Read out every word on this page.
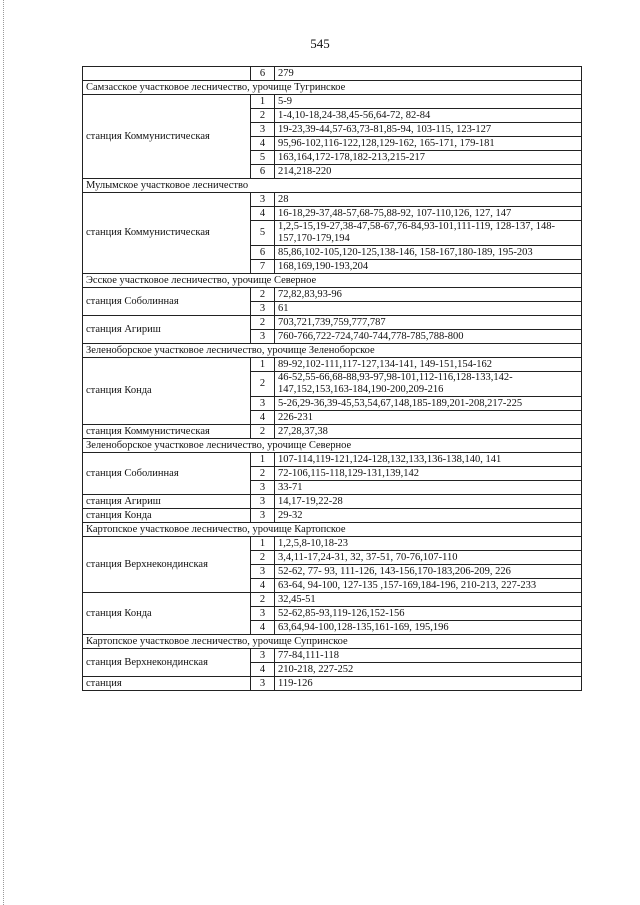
545
	6	279
Самзасское участковое лесничество, урочище Тугринское		
станция Коммунистическая	1	5-9
	2	1-4,10-18,24-38,45-56,64-72, 82-84
	3	19-23,39-44,57-63,73-81,85-94, 103-115, 123-127
	4	95,96-102,116-122,128,129-162, 165-171, 179-181
	5	163,164,172-178,182-213,215-217
	6	214,218-220
Мулымское участковое лесничество		
станция Коммунистическая	3	28
	4	16-18,29-37,48-57,68-75,88-92, 107-110,126, 127, 147
	5	1,2,5-15,19-27,38-47,58-67,76-84,93-101,111-119, 128-137, 148-157,170-179,194
	6	85,86,102-105,120-125,138-146, 158-167,180-189, 195-203
	7	168,169,190-193,204
Эсское участковое лесничество, урочище Северное		
станция Соболинная	2	72,82,83,93-96
	3	61
станция Агириш	2	703,721,739,759,777,787
	3	760-766,722-724,740-744,778-785,788-800
Зеленоборское участковое лесничество, урочище Зеленоборское		
станция Конда	1	89-92,102-111,117-127,134-141, 149-151,154-162
	2	46-52,55-66,68-88,93-97,98-101,112-116,128-133,142-147,152,153,163-184,190-200,209-216
	3	5-26,29-36,39-45,53,54,67,148,185-189,201-208,217-225
	4	226-231
станция Коммунистическая	2	27,28,37,38
Зеленоборское участковое лесничество, урочище Северное		
станция Соболинная	1	107-114,119-121,124-128,132,133,136-138,140, 141
	2	72-106,115-118,129-131,139,142
	3	33-71
станция Агириш	3	14,17-19,22-28
станция Конда	3	29-32
Картопское участковое лесничество, урочище Картопское		
станция Верхнекондинская	1	1,2,5,8-10,18-23
	2	3,4,11-17,24-31, 32, 37-51, 70-76,107-110
	3	52-62, 77- 93, 111-126, 143-156,170-183,206-209, 226
	4	63-64, 94-100, 127-135 ,157-169,184-196, 210-213, 227-233
станция Конда	2	32,45-51
	3	52-62,85-93,119-126,152-156
	4	63,64,94-100,128-135,161-169, 195,196
Картопское участковое лесничество, урочище Супринское		
станция Верхнекондинская	3	77-84,111-118
	4	210-218, 227-252
станция	3	119-126
